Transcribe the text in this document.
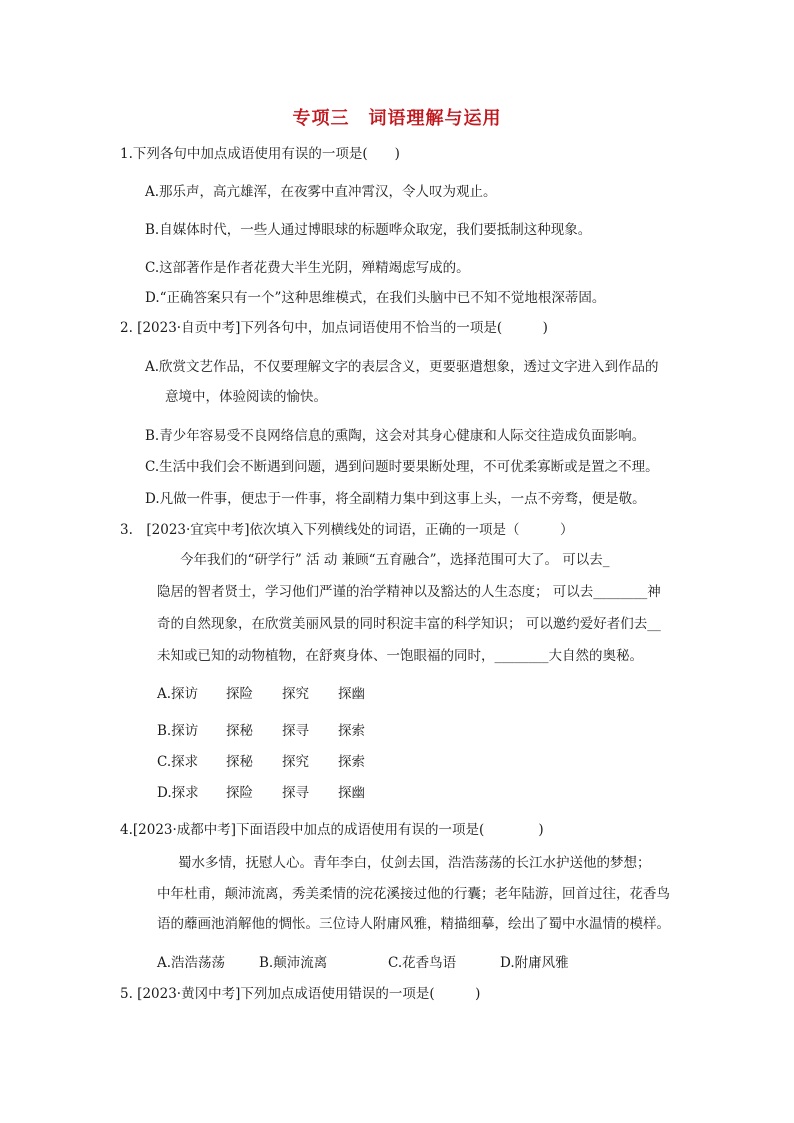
专项三　词语理解与运用
1.下列各句中加点成语使用有误的一项是(　　)
A.那乐声，高亢雄浑，在夜雾中直冲霄汉，令人叹为观止。
B.自媒体时代，一些人通过博眼球的标题哗众取宠，我们要抵制这种现象。
C.这部著作是作者花费大半生光阴，殚精竭虑写成的。
D.“正确答案只有一个”这种思维模式，在我们头脑中已不知不觉地根深蒂固。
2. [2023·自贡中考]下列各句中，加点词语使用不恰当的一项是(　　　)
A.欣赏文艺作品，不仅要理解文字的表层含义，更要驱遣想象，透过文字进入到作品的
意境中，体验阅读的愉快。
B.青少年容易受不良网络信息的熏陶，这会对其身心健康和人际交往造成负面影响。
C.生活中我们会不断遇到问题，遇到问题时要果断处理，不可优柔寡断或是置之不理。
D.凡做一件事，便忠于一件事，将全副精力集中到这事上头，一点不旁骛，便是敬。
3.　[2023·宜宾中考]依次填入下列横线处的词语，正确的一项是（　　　）
今年我们的“研学行” 活 动 兼顾“五育融合”，选择范围可大了。 可以去_
隐居的智者贤士，学习他们严谨的治学精神以及豁达的人生态度； 可以去________神
奇的自然现象，在欣赏美丽风景的同时积淀丰富的科学知识； 可以邀约爱好者们去__
未知或已知的动物植物，在舒爽身体、一饱眼福的同时，________大自然的奥秘。
A.探访 探险 探究 探幽
B.探访 探秘 探寻 探索
C.探求 探秘 探究 探索
D.探求 探险 探寻 探幽
4.[2023·成都中考]下面语段中加点的成语使用有误的一项是(　　　　)
蜀水多情，抚慰人心。青年李白，仗剑去国，浩浩荡荡的长江水护送他的梦想；
中年杜甫，颠沛流离，秀美柔情的浣花溪接过他的行囊；老年陆游，回首过往，花香鸟
语的蘼画池消解他的惆怅。三位诗人附庸风雅，精描细摹，绘出了蜀中水温情的模样。
A.浩浩荡荡	B.颠沛流离	C.花香鸟语	D.附庸风雅
5. [2023·黄冈中考]下列加点成语使用错误的一项是(　　　)
